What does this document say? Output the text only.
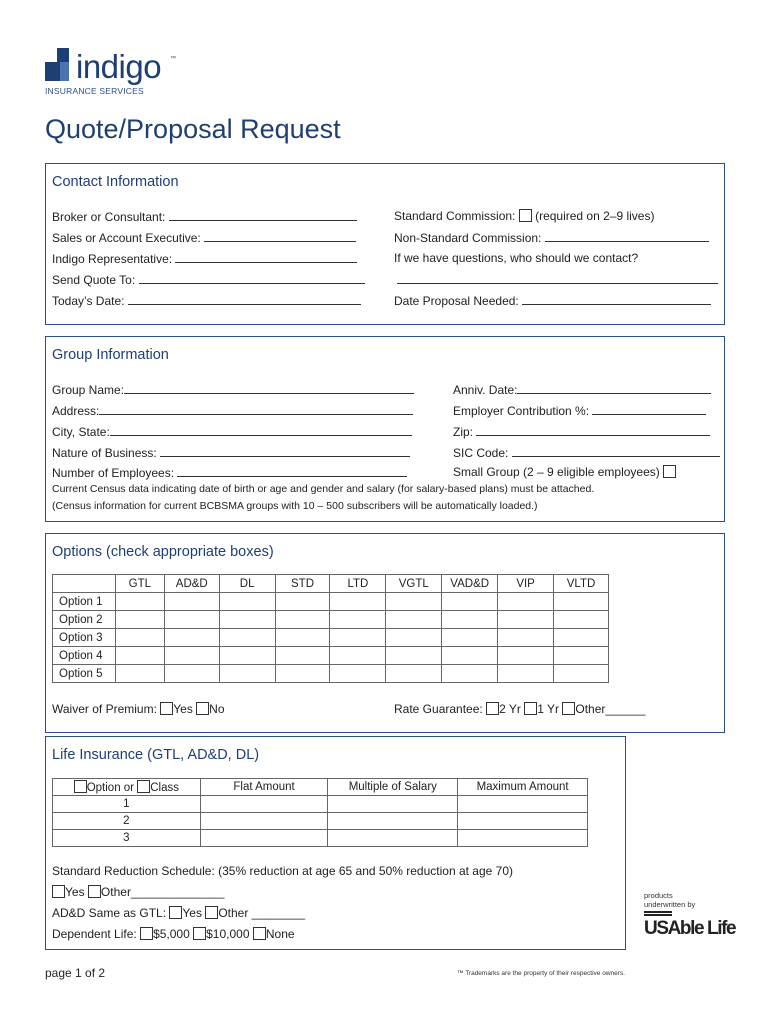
indigo ™
INSURANCE SERVICES
Quote/Proposal Request
Contact Information
Broker or Consultant:
Sales or Account Executive:
Indigo Representative:
Send Quote To:
Today’s Date:
Standard Commission: (required on 2–9 lives)
Non-Standard Commission:
If we have questions, who should we contact?
Date Proposal Needed:
Group Information
Group Name:
Address:
City, State:
Nature of Business:
Number of Employees:
Anniv. Date:
Employer Contribution %:
Zip:
SIC Code:
Small Group (2 – 9 eligible employees)
Current Census data indicating date of birth or age and gender and salary (for salary-based plans) must be attached.
(Census information for current BCBSMA groups with 10 – 500 subscribers will be automatically loaded.)
Options (check appropriate boxes)
	GTL	AD&D	DL	STD	LTD	VGTL	VAD&D	VIP	VLTD
Option 1									
Option 2									
Option 3									
Option 4									
Option 5									
Waiver of Premium: Yes No	Rate Guarantee: 2 Yr 1 Yr Other______
Life Insurance (GTL, AD&D, DL)
Option or Class	Flat Amount	Multiple of Salary	Maximum Amount
1			
2			
3			
Standard Reduction Schedule: (35% reduction at age 65 and 50% reduction at age 70)
Yes Other______________
AD&D Same as GTL: Yes Other ________
Dependent Life: $5,000 $10,000 None
products
underwritten by
USAble Life
page 1 of 2	™ Trademarks are the property of their respective owners.
